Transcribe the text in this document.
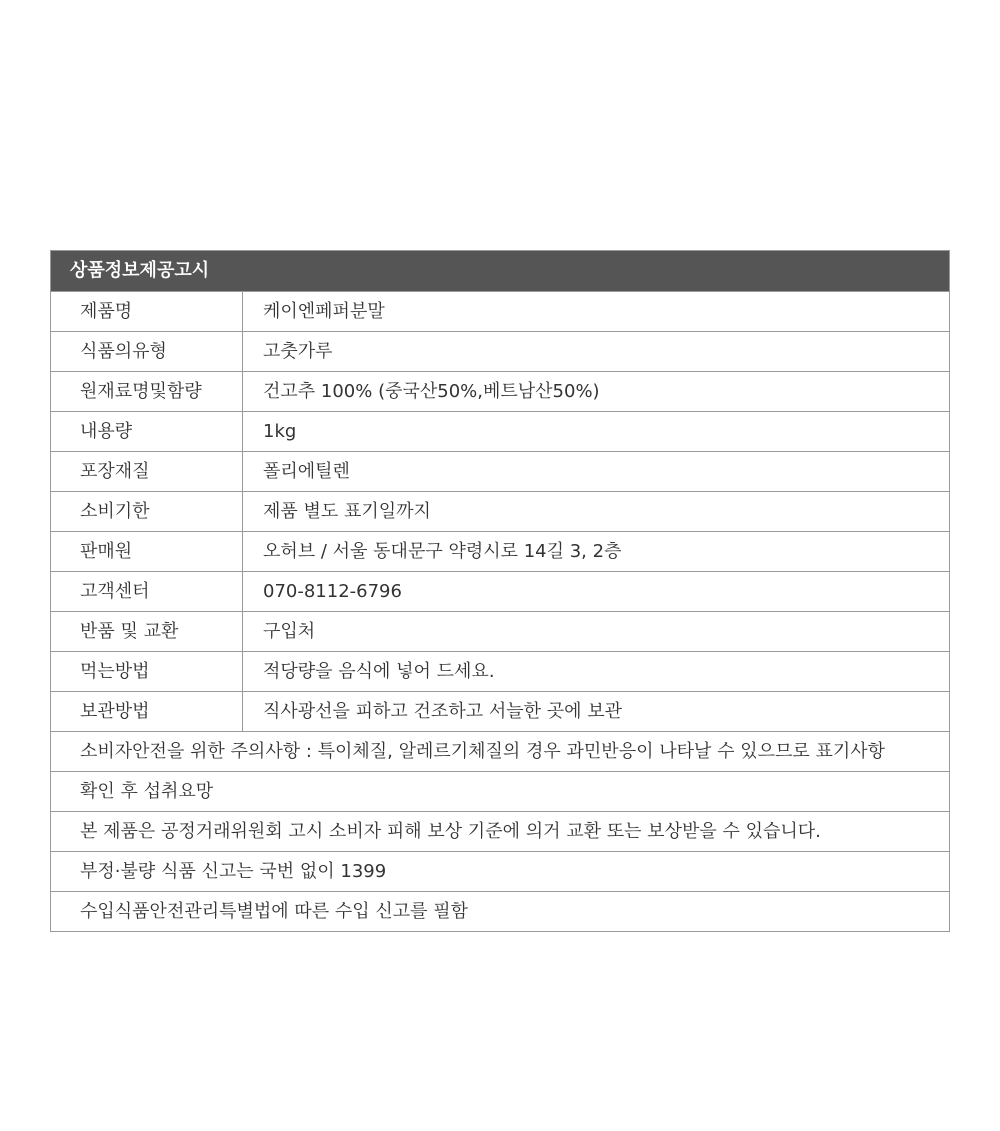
상품정보제공고시
제품명	케이엔페퍼분말
식품의유형	고춧가루
원재료명및함량	건고추 100% (중국산50%,베트남산50%)
내용량	1kg
포장재질	폴리에틸렌
소비기한	제품 별도 표기일까지
판매원	오허브 / 서울 동대문구 약령시로 14길 3, 2층
고객센터	070-8112-6796
반품 및 교환	구입처
먹는방법	적당량을 음식에 넣어 드세요.
보관방법	직사광선을 피하고 건조하고 서늘한 곳에 보관
소비자안전을 위한 주의사항 : 특이체질, 알레르기체질의 경우 과민반응이 나타날 수 있으므로 표기사항
확인 후 섭취요망
본 제품은 공정거래위원회 고시 소비자 피해 보상 기준에 의거 교환 또는 보상받을 수 있습니다.
부정·불량 식품 신고는 국번 없이 1399
수입식품안전관리특별법에 따른 수입 신고를 필함
